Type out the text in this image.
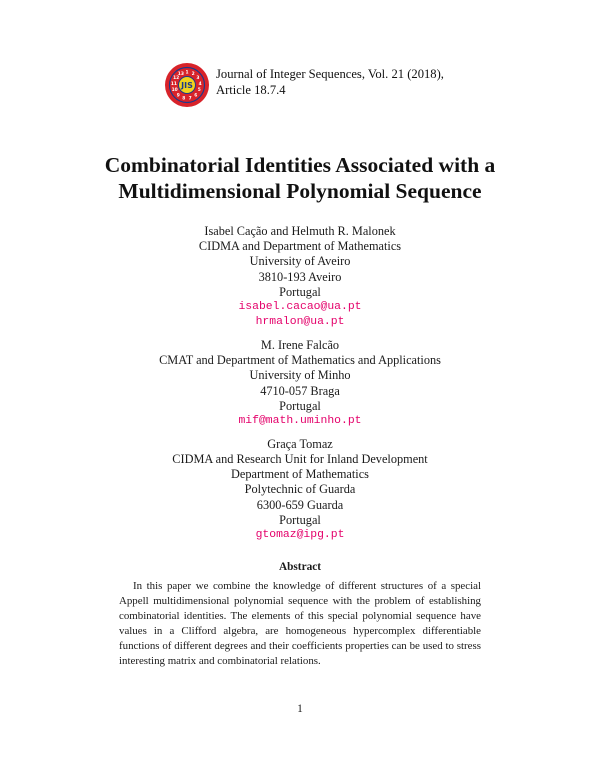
1 2
3
4
5
6
7
8
9
10
11
12
13
JIS
Journal of Integer Sequences, Vol. 21 (2018),
Article 18.7.4
Combinatorial Identities Associated with a
Multidimensional Polynomial Sequence
Isabel Cação and Helmuth R. Malonek
CIDMA and Department of Mathematics
University of Aveiro
3810-193 Aveiro
Portugal
isabel.cacao@ua.pt
hrmalon@ua.pt
M. Irene Falcão
CMAT and Department of Mathematics and Applications
University of Minho
4710-057 Braga
Portugal
mif@math.uminho.pt
Graça Tomaz
CIDMA and Research Unit for Inland Development
Department of Mathematics
Polytechnic of Guarda
6300-659 Guarda
Portugal
gtomaz@ipg.pt
Abstract
In this paper we combine the knowledge of different structures of a special Appell multidimensional polynomial sequence with the problem of establishing combinatorial identities. The elements of this special polynomial sequence have values in a Clifford algebra, are homogeneous hypercomplex differentiable functions of different degrees and their coefficients properties can be used to stress interesting matrix and combinatorial relations.
1
